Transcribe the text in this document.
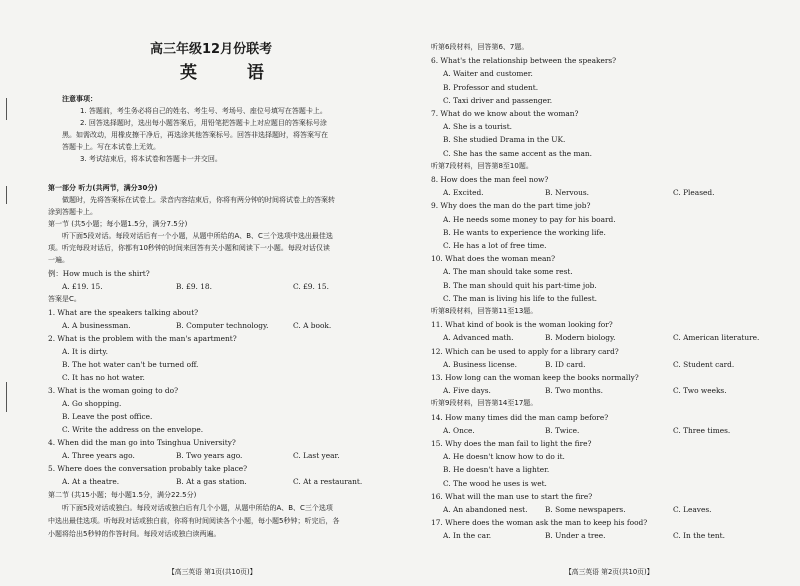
高三年级12月份联考
英 语
注意事项：
1. 答题前，考生务必将自己的姓名、考生号、考场号、座位号填写在答题卡上。
2. 回答选择题时，选出每小题答案后，用铅笔把答题卡上对应题目的答案标号涂
黑。如需改动，用橡皮擦干净后，再选涂其他答案标号。回答非选择题时，将答案写在
答题卡上。写在本试卷上无效。
3. 考试结束后，将本试卷和答题卡一并交回。
第一部分 听力(共两节，满分30分)
做题时，先将答案标在试卷上。录音内容结束后，你将有两分钟的时间将试卷上的答案转
涂到答题卡上。
第一节 (共5小题；每小题1.5分，满分7.5分)
听下面5段对话。每段对话后有一个小题，从题中所给的A、B、C三个选项中选出最佳选
项。听完每段对话后，你都有10秒钟的时间来回答有关小题和阅读下一小题。每段对话仅读
一遍。
例：How much is the shirt?
A. £19. 15.	B. £9. 18.	C. £9. 15.
答案是C。
1. What are the speakers talking about?
A. A businessman.	B. Computer technology.	C. A book.
2. What is the problem with the man's apartment?
A. It is dirty.
B. The hot water can't be turned off.
C. It has no hot water.
3. What is the woman going to do?
A. Go shopping.
B. Leave the post office.
C. Write the address on the envelope.
4. When did the man go into Tsinghua University?
A. Three years ago.	B. Two years ago.	C. Last year.
5. Where does the conversation probably take place?
A. At a theatre.	B. At a gas station.	C. At a restaurant.
第二节 (共15小题；每小题1.5分，满分22.5分)
听下面5段对话或独白。每段对话或独白后有几个小题，从题中所给的A、B、C三个选项
中选出最佳选项。听每段对话或独白前，你将有时间阅读各个小题，每小题5秒钟；听完后，各
小题将给出5秒钟的作答时间。每段对话或独白读两遍。
【高三英语 第1页(共10页)】
听第6段材料，回答第6、7题。
6. What's the relationship between the speakers?
A. Waiter and customer.
B. Professor and student.
C. Taxi driver and passenger.
7. What do we know about the woman?
A. She is a tourist.
B. She studied Drama in the UK.
C. She has the same accent as the man.
听第7段材料，回答第8至10题。
8. How does the man feel now?
A. Excited.	B. Nervous.	C. Pleased.
9. Why does the man do the part time job?
A. He needs some money to pay for his board.
B. He wants to experience the working life.
C. He has a lot of free time.
10. What does the woman mean?
A. The man should take some rest.
B. The man should quit his part-time job.
C. The man is living his life to the fullest.
听第8段材料，回答第11至13题。
11. What kind of book is the woman looking for?
A. Advanced math.	B. Modern biology.	C. American literature.
12. Which can be used to apply for a library card?
A. Business license.	B. ID card.	C. Student card.
13. How long can the woman keep the books normally?
A. Five days.	B. Two months.	C. Two weeks.
听第9段材料，回答第14至17题。
14. How many times did the man camp before?
A. Once.	B. Twice.	C. Three times.
15. Why does the man fail to light the fire?
A. He doesn't know how to do it.
B. He doesn't have a lighter.
C. The wood he uses is wet.
16. What will the man use to start the fire?
A. An abandoned nest. B. Some newspapers.	C. Leaves.
17. Where does the woman ask the man to keep his food?
A. In the car.	B. Under a tree.	C. In the tent.
【高三英语 第2页(共10页)】
